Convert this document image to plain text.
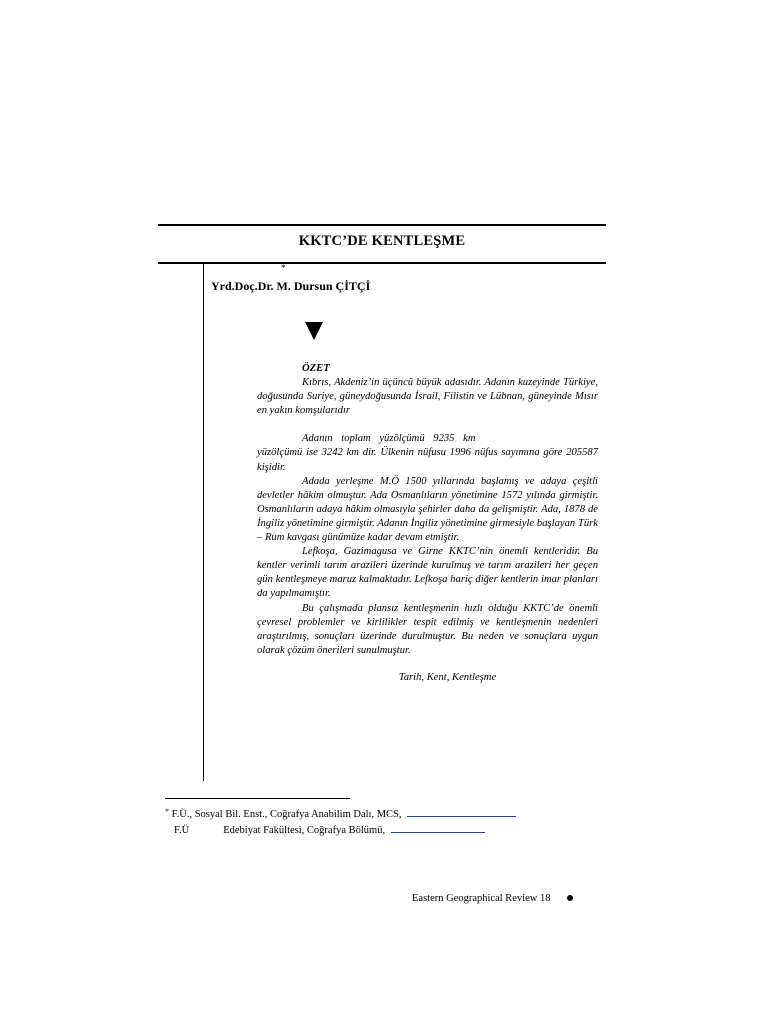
KKTC’DE KENTLEŞME
*
Yrd.Doç.Dr. M. Dursun ÇİTÇİ
ÖZET

Kıbrıs, Akdeniz’in üçüncü büyük adasıdır. Adanın kuzeyinde Türkiye, doğusunda Suriye, güneydoğusunda İsrail, Filistin ve Lübnan, güneyinde Mısır en yakın komşularıdır

Adanın toplam yüzölçümü 9235 km

yüzölçümü ise 3242 km dir. Ülkenin nüfusu 1996 nüfus sayımına göre 205587 kişidir.

Adada yerleşme M.Ö 1500 yıllarında başlamış ve adaya çeşitli devletler hâkim olmuştur. Ada Osmanlıların yönetimine 1572 yılında girmiştir. Osmanlıların adaya hâkim olmasıyla şehirler daha da gelişmiştir. Ada, 1878 de İngiliz yönetimine girmiştir. Adanın İngiliz yönetimine girmesiyle başlayan Türk – Rum kavgası günümüze kadar devam etmiştir.

Lefkoşa, Gazimagusa ve Girne KKTC’nin önemli kentleridir. Bu kentler verimli tarım arazileri üzerinde kurulmuş ve tarım arazileri her geçen gün kentleşmeye maruz kalmaktadır. Lefkoşa hariç diğer kentlerin imar planları da yapılmamıştır.

Bu çalışmada plansız kentleşmenin hızlı olduğu KKTC’de önemli çevresel problemler ve kirlilikler tespit edilmiş ve kentleşmenin nedenleri araştırılmış, sonuçları üzerinde durulmuştur. Bu neden ve sonuçlara uygun olarak çözüm önerileri sunulmuştur.

Tarih, Kent, Kentleşme
* F.Ü., Sosyal Bil. Enst., Coğrafya Anabilim Dalı, MCS,
F.Ü	Edebiyat Fakültesi, Coğrafya Bölümü,
Eastern Geographical Review 18
